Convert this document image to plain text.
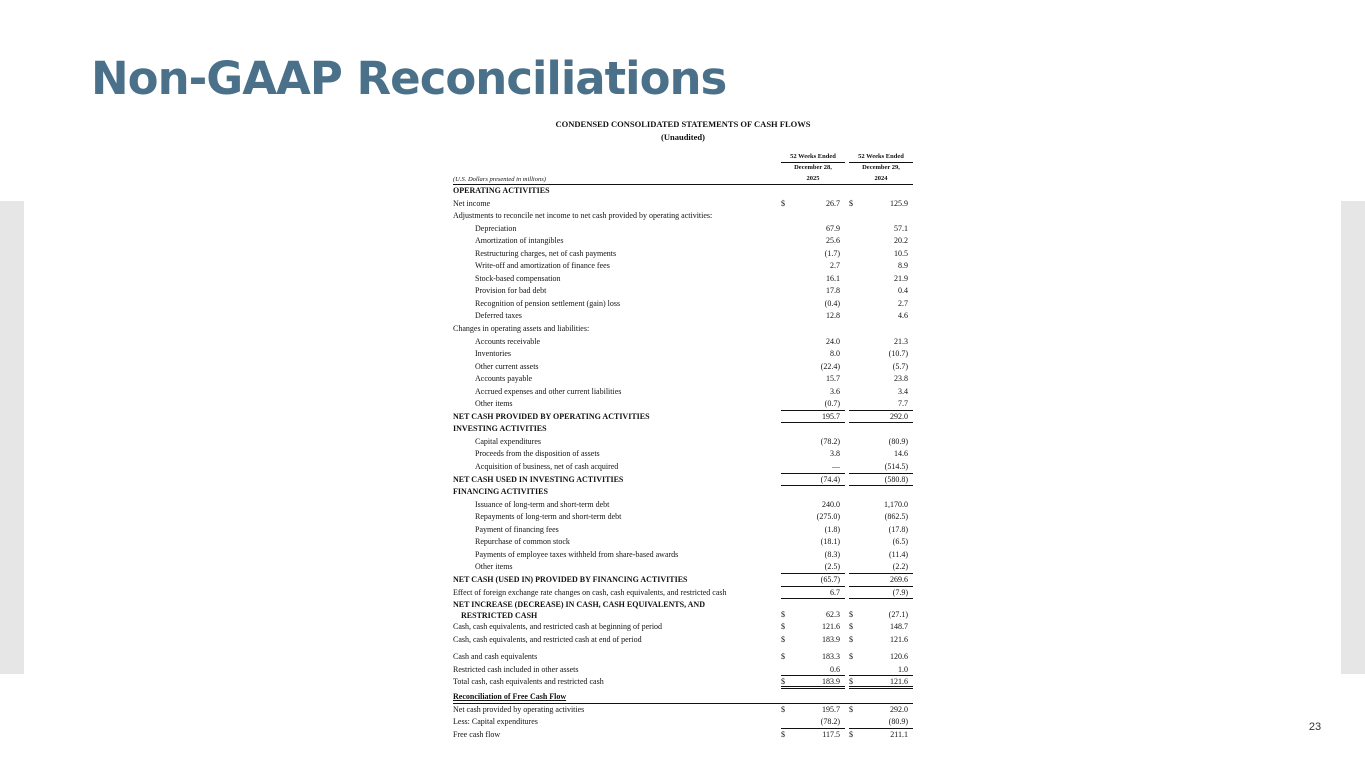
Non-GAAP Reconciliations
CONDENSED CONSOLIDATED STATEMENTS OF CASH FLOWS
(Unaudited)
(U.S. Dollars presented in millions)
52 Weeks Ended
December 28,
2025
52 Weeks Ended
December 29,
2024
OPERATING ACTIVITIES
Net income	$	26.7	$	125.9
Adjustments to reconcile net income to net cash provided by operating activities:
Depreciation	67.9	57.1
Amortization of intangibles	25.6	20.2
Restructuring charges, net of cash payments	(1.7)	10.5
Write-off and amortization of finance fees	2.7	8.9
Stock-based compensation	16.1	21.9
Provision for bad debt	17.8	0.4
Recognition of pension settlement (gain) loss	(0.4)	2.7
Deferred taxes	12.8	4.6
Changes in operating assets and liabilities:
Accounts receivable	24.0	21.3
Inventories	8.0	(10.7)
Other current assets	(22.4)	(5.7)
Accounts payable	15.7	23.8
Accrued expenses and other current liabilities	3.6	3.4
Other items	(0.7)	7.7
NET CASH PROVIDED BY OPERATING ACTIVITIES	195.7	292.0
INVESTING ACTIVITIES
Capital expenditures	(78.2)	(80.9)
Proceeds from the disposition of assets	3.8	14.6
Acquisition of business, net of cash acquired	—	(514.5)
NET CASH USED IN INVESTING ACTIVITIES	(74.4)	(580.8)
FINANCING ACTIVITIES
Issuance of long-term and short-term debt	240.0	1,170.0
Repayments of long-term and short-term debt	(275.0)	(862.5)
Payment of financing fees	(1.8)	(17.8)
Repurchase of common stock	(18.1)	(6.5)
Payments of employee taxes withheld from share-based awards	(8.3)	(11.4)
Other items	(2.5)	(2.2)
NET CASH (USED IN) PROVIDED BY FINANCING ACTIVITIES	(65.7)	269.6
Effect of foreign exchange rate changes on cash, cash equivalents, and restricted cash	6.7	(7.9)
NET INCREASE (DECREASE) IN CASH, CASH EQUIVALENTS, AND
RESTRICTED CASH	$	62.3	$	(27.1)
Cash, cash equivalents, and restricted cash at beginning of period	$	121.6	$	148.7
Cash, cash equivalents, and restricted cash at end of period	$	183.9	$	121.6
Cash and cash equivalents	$	183.3	$	120.6
Restricted cash included in other assets	0.6	1.0
Total cash, cash equivalents and restricted cash	$	183.9	$	121.6
Reconciliation of Free Cash Flow
Net cash provided by operating activities	$	195.7	$	292.0
Less: Capital expenditures	(78.2)	(80.9)
Free cash flow	$	117.5	$	211.1
23
